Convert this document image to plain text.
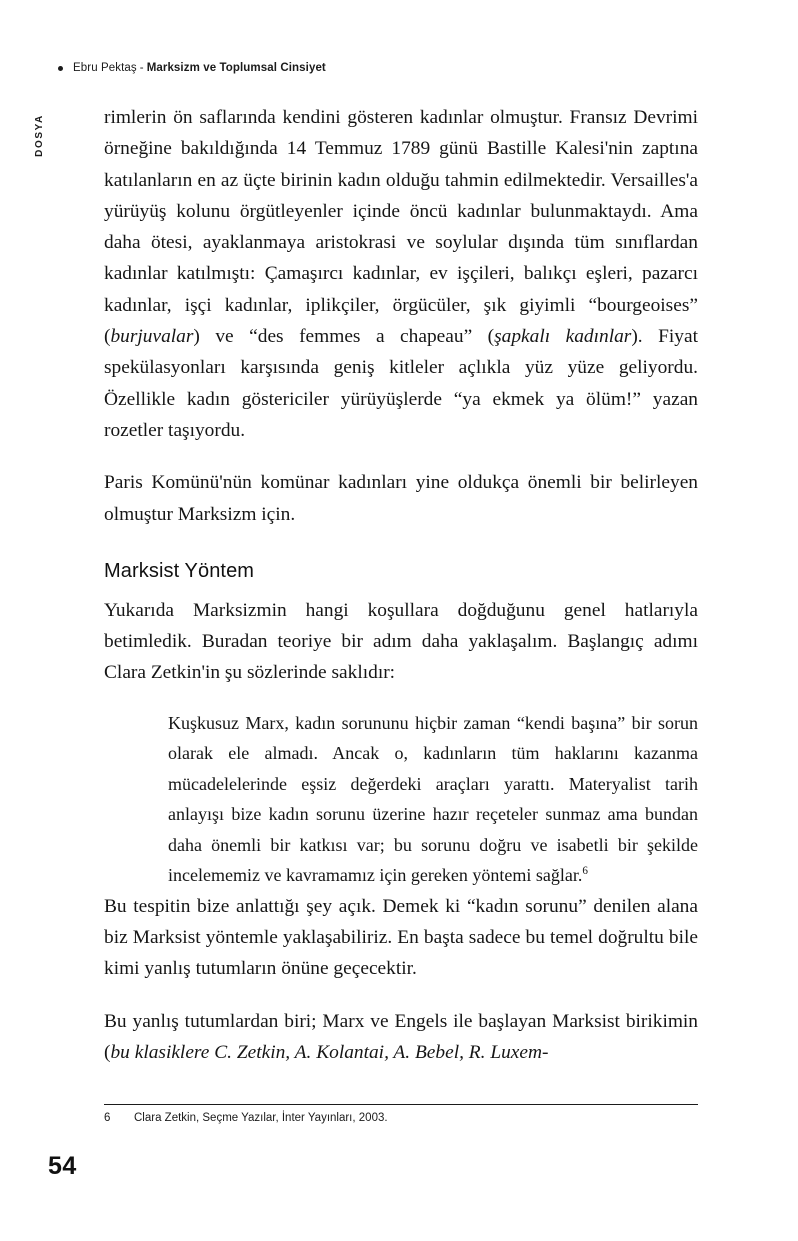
Ebru Pektaş - Marksizm ve Toplumsal Cinsiyet
DOSYA	rimlerin ön saflarında kendini gösteren kadınlar olmuştur. Fransız Devrimi örneğine bakıldığında 14 Temmuz 1789 günü Bastille Kalesi'nin zaptına katılanların en az üçte birinin kadın olduğu tahmin edilmektedir. Versailles'a yürüyüş kolunu örgütleyenler içinde öncü kadınlar bulunmaktaydı. Ama daha ötesi, ayaklanmaya aristokrasi ve soylular dışında tüm sınıflardan kadınlar katılmıştı: Çamaşırcı kadınlar, ev işçileri, balıkçı eşleri, pazarcı kadınlar, işçi kadınlar, iplikçiler, örgücüler, şık giyimli “bourgeoises” (burjuvalar) ve “des femmes a chapeau” (şapkalı kadınlar). Fiyat spekülasyonları karşısında geniş kitleler açlıkla yüz yüze geliyordu. Özellikle kadın göstericiler yürüyüşlerde “ya ekmek ya ölüm!” yazan rozetler taşıyordu.

Paris Komünü'nün komünar kadınları yine oldukça önemli bir belirleyen olmuştur Marksizm için.

Marksist Yöntem

Yukarıda Marksizmin hangi koşullara doğduğunu genel hatlarıyla betimledik. Buradan teoriye bir adım daha yaklaşalım. Başlangıç adımı Clara Zetkin'in şu sözlerinde saklıdır:

Kuşkusuz Marx, kadın sorununu hiçbir zaman “kendi başına” bir sorun olarak ele almadı. Ancak o, kadınların tüm haklarını kazanma mücadelelerinde eşsiz değerdeki araçları yarattı. Materyalist tarih anlayışı bize kadın sorunu üzerine hazır reçeteler sunmaz ama bundan daha önemli bir katkısı var; bu sorunu doğru ve isabetli bir şekilde incelememiz ve kavramamız için gereken yöntemi sağlar.$^6$

Bu tespitin bize anlattığı şey açık. Demek ki “kadın sorunu” denilen alana biz Marksist yöntemle yaklaşabiliriz. En başta sadece bu temel doğrultu bile kimi yanlış tutumların önüne geçecektir.

Bu yanlış tutumlardan biri; Marx ve Engels ile başlayan Marksist birikimin (bu klasiklere C. Zetkin, A. Kolantai, A. Bebel, R. Luxem-

6	Clara Zetkin, Seçme Yazılar, İnter Yayınları, 2003.
54
